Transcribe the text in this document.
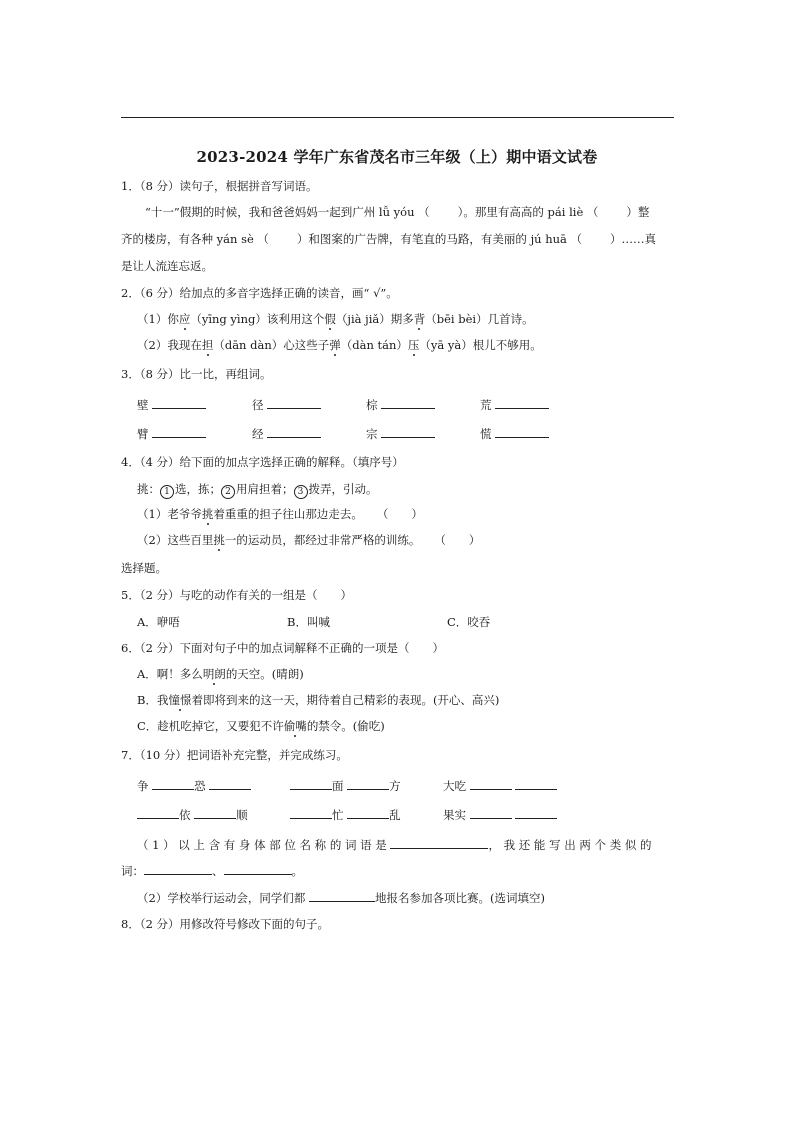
2023-2024 学年广东省茂名市三年级（上）期中语文试卷
1．（8 分）读句子，根据拼音写词语。
“十一”假期的时候，我和爸爸妈妈一起到广州 lǚ yóu （ ）。那里有高高的 pái liè （ ）整
齐的楼房，有各种 yán sè （ ）和图案的广告牌，有笔直的马路，有美丽的 jú huā （ ）……真
是让人流连忘返。
2．（6 分）给加点的多音字选择正确的读音，画“ √”。
（1）你应（yīng yìng）该利用这个假（jià jiǎ）期多背（bēi bèi）几首诗。
（2）我现在担（dān dàn）心这些子弹（dàn tán）压（yā yà）根儿不够用。
3．（8 分）比一比，再组词。
壁	径	棕	荒
臂	经	宗	慌
4．（4 分）给下面的加点字选择正确的解释。（填序号）
挑： 1 选，拣； 2 用肩担着； 3 拨弄，引动。
（1）老爷爷挑着重重的担子往山那边走去。 （　　）
（2）这些百里挑一的运动员，都经过非常严格的训练。 （　　）
选择题。
5．（2 分）与吃的动作有关的一组是（　　）
A．咿唔	B．叫喊	C．咬吞
6．（2 分）下面对句子中的加点词解释不正确的一项是（　　）
A．啊！多么明朗的天空。(晴朗)
B．我憧憬着即将到来的这一天，期待着自己精彩的表现。(开心、高兴)
C．趁机吃掉它，又要犯不许偷嘴的禁令。(偷吃)
7．（10 分）把词语补充完整，并完成练习。
争	恐	面	方	大吃
依	顺	忙	乱	果实
（ 1 ） 以 上 含 有 身 体 部 位 名 称 的 词 语 是	， 我 还 能 写 出 两 个 类 似 的
词：	、	。
（2）学校举行运动会，同学们都	地报名参加各项比赛。(选词填空)
8．（2 分）用修改符号修改下面的句子。
